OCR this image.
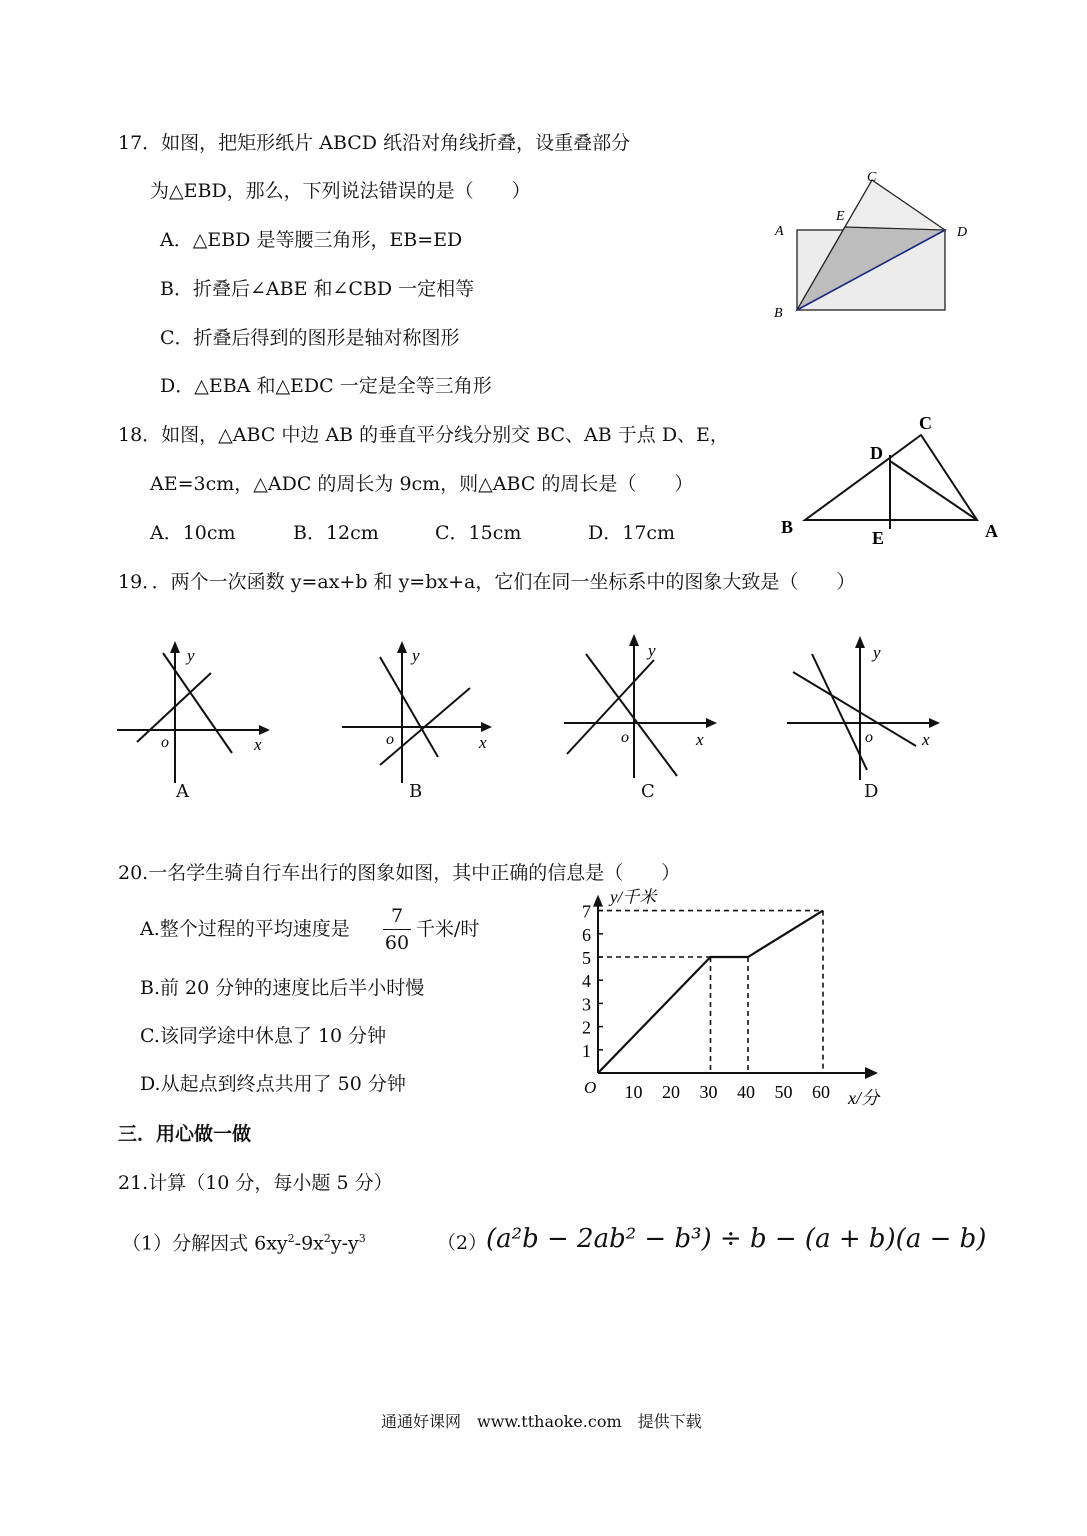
17．如图，把矩形纸片 ABCD 纸沿对角线折叠，设重叠部分
为△EBD，那么，下列说法错误的是（　　）
A．△EBD 是等腰三角形，EB=ED
B．折叠后∠ABE 和∠CBD 一定相等
C．折叠后得到的图形是轴对称图形
D．△EBA 和△EDC 一定是全等三角形
A
B
C
D
E
18．如图，△ABC 中边 AB 的垂直平分线分别交 BC、AB 于点 D、E，
AE=3cm，△ADC 的周长为 9cm，则△ABC 的周长是（　　）
A．10cm	B．12cm	C．15cm	D．17cm	B	A
C
D
E
19．．两个一次函数 y=ax+b 和 y=bx+a，它们在同一坐标系中的图象大致是（　　）
y
x
o
A
y
x
o
B
y
x
o
C
y
x
o
D
20.一名学生骑自行车出行的图象如图，其中正确的信息是（　　）
A.整个过程的平均速度是
7
60
千米/时
B.前 20 分钟的速度比后半小时慢
C.该同学途中休息了 10 分钟
D.从起点到终点共用了 50 分钟
1
2
3
4
5
6
7
10 20 30 40 50 60
y/千米
x/分
O
三．用心做一做
21.计算（10 分，每小题 5 分）
（1）分解因式 $6xy^2-9x^2y-y^3$	（2）
(a²b − 2ab² − b³) ÷ b − (a + b)(a − b)
通通好课网　www.tthaoke.com　提供下载
